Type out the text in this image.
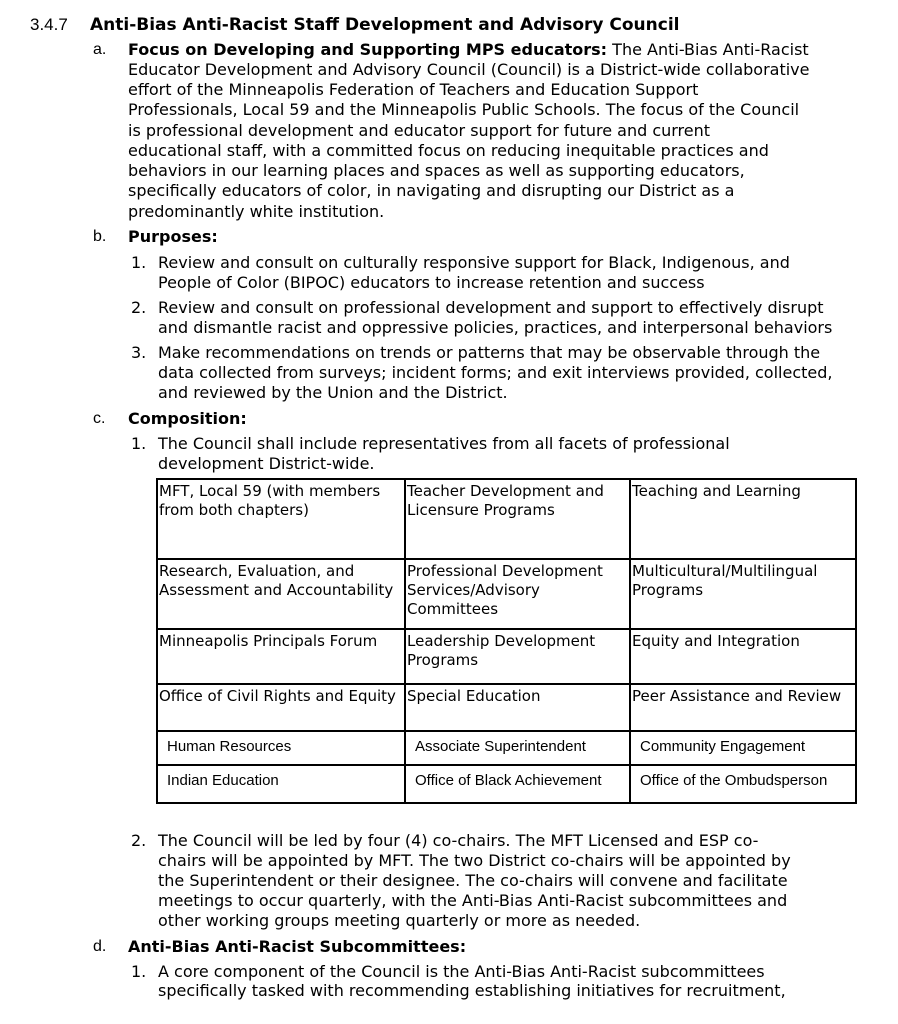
3.4.7 Anti-Bias Anti-Racist Staff Development and Advisory Council
a. Focus on Developing and Supporting MPS educators: The Anti-Bias Anti-Racist
Educator Development and Advisory Council (Council) is a District-wide collaborative
effort of the Minneapolis Federation of Teachers and Education Support
Professionals, Local 59 and the Minneapolis Public Schools. The focus of the Council
is professional development and educator support for future and current
educational staff, with a committed focus on reducing inequitable practices and
behaviors in our learning places and spaces as well as supporting educators,
specifically educators of color, in navigating and disrupting our District as a
predominantly white institution.
b. Purposes:
1. Review and consult on culturally responsive support for Black, Indigenous, and
People of Color (BIPOC) educators to increase retention and success
2. Review and consult on professional development and support to effectively disrupt
and dismantle racist and oppressive policies, practices, and interpersonal behaviors
3. Make recommendations on trends or patterns that may be observable through the
data collected from surveys; incident forms; and exit interviews provided, collected,
and reviewed by the Union and the District.
c. Composition:
1. The Council shall include representatives from all facets of professional
development District-wide.
MFT, Local 59 (with members from both chapters)	Teacher Development and Licensure Programs	Teaching and Learning
Research, Evaluation, and Assessment and Accountability	Professional Development Services/Advisory Committees	Multicultural/Multilingual Programs
Minneapolis Principals Forum	Leadership Development Programs	Equity and Integration
Office of Civil Rights and Equity	Special Education	Peer Assistance and Review
Human Resources	Associate Superintendent	Community Engagement
Indian Education	Office of Black Achievement	Office of the Ombudsperson
2. The Council will be led by four (4) co-chairs. The MFT Licensed and ESP co-
chairs will be appointed by MFT. The two District co-chairs will be appointed by
the Superintendent or their designee. The co-chairs will convene and facilitate
meetings to occur quarterly, with the Anti-Bias Anti-Racist subcommittees and
other working groups meeting quarterly or more as needed.
d. Anti-Bias Anti-Racist Subcommittees:
1. A core component of the Council is the Anti-Bias Anti-Racist subcommittees
specifically tasked with recommending establishing initiatives for recruitment,
